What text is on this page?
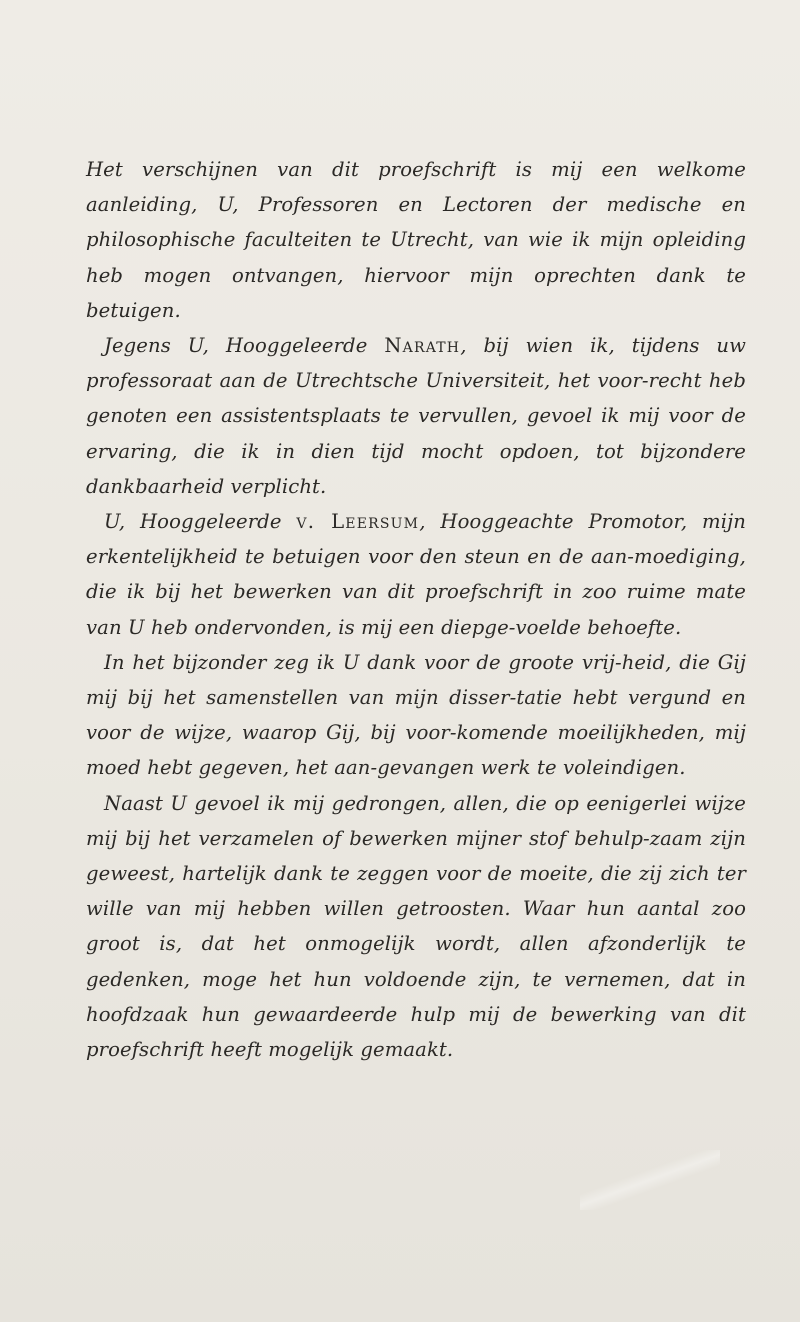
Het verschijnen van dit proefschrift is mij een welkome aanleiding, U, Professoren en Lectoren der medische en philosophische faculteiten te Utrecht, van wie ik mijn opleiding heb mogen ontvangen, hiervoor mijn oprechten dank te betuigen.

Jegens U, Hooggeleerde Narath, bij wien ik, tijdens uw professoraat aan de Utrechtsche Universiteit, het voor-recht heb genoten een assistentsplaats te vervullen, gevoel ik mij voor de ervaring, die ik in dien tijd mocht opdoen, tot bijzondere dankbaarheid verplicht.

U, Hooggeleerde v. Leersum, Hooggeachte Promotor, mijn erkentelijkheid te betuigen voor den steun en de aan-moediging, die ik bij het bewerken van dit proefschrift in zoo ruime mate van U heb ondervonden, is mij een diepge-voelde behoefte.

In het bijzonder zeg ik U dank voor de groote vrij-heid, die Gij mij bij het samenstellen van mijn disser-tatie hebt vergund en voor de wijze, waarop Gij, bij voor-komende moeilijkheden, mij moed hebt gegeven, het aan-gevangen werk te voleindigen.

Naast U gevoel ik mij gedrongen, allen, die op eenigerlei wijze mij bij het verzamelen of bewerken mijner stof behulp-zaam zijn geweest, hartelijk dank te zeggen voor de moeite, die zij zich ter wille van mij hebben willen getroosten. Waar hun aantal zoo groot is, dat het onmogelijk wordt, allen afzonderlijk te gedenken, moge het hun voldoende zijn, te vernemen, dat in hoofdzaak hun gewaardeerde hulp mij de bewerking van dit proefschrift heeft mogelijk gemaakt.
